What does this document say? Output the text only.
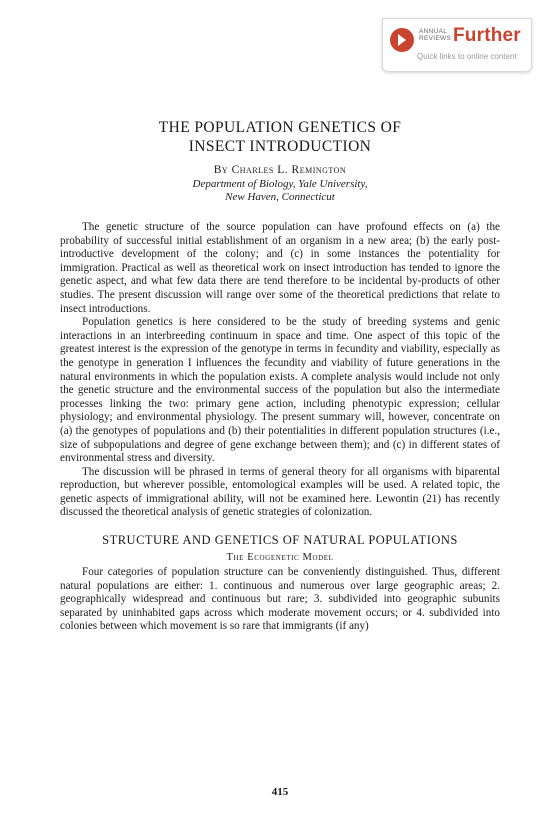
ANNUAL
REVIEWS Further
Quick links to online content
THE POPULATION GENETICS OF
INSECT INTRODUCTION
By Charles L. Remington
Department of Biology, Yale University,
New Haven, Connecticut

The genetic structure of the source population can have profound effects on (a) the probability of successful initial establishment of an organism in a new area; (b) the early post-introductive development of the colony; and (c) in some instances the potentiality for immigration. Practical as well as theoretical work on insect introduction has tended to ignore the genetic aspect, and what few data there are tend therefore to be incidental by-products of other studies. The present discussion will range over some of the theoretical predictions that relate to insect introductions.

Population genetics is here considered to be the study of breeding systems and genic interactions in an interbreeding continuum in space and time. One aspect of this topic of the greatest interest is the expression of the genotype in terms in fecundity and viability, especially as the genotype in generation I influences the fecundity and viability of future generations in the natural environments in which the population exists. A complete analysis would include not only the genetic structure and the environmental success of the population but also the intermediate processes linking the two: primary gene action, including phenotypic expression; cellular physiology; and environmental physiology. The present summary will, however, concentrate on (a) the genotypes of populations and (b) their potentialities in different population structures (i.e., size of subpopulations and degree of gene exchange between them); and (c) in different states of environmental stress and diversity.

The discussion will be phrased in terms of general theory for all organisms with biparental reproduction, but wherever possible, entomological examples will be used. A related topic, the genetic aspects of immigrational ability, will not be examined here. Lewontin (21) has recently discussed the theoretical analysis of genetic strategies of colonization.

STRUCTURE AND GENETICS OF NATURAL POPULATIONS
The Ecogenetic Model

Four categories of population structure can be conveniently distinguished. Thus, different natural populations are either: 1. continuous and numerous over large geographic areas; 2. geographically widespread and continuous but rare; 3. subdivided into geographic subunits separated by uninhabited gaps across which moderate movement occurs; or 4. subdivided into colonies between which movement is so rare that immigrants (if any)

415
